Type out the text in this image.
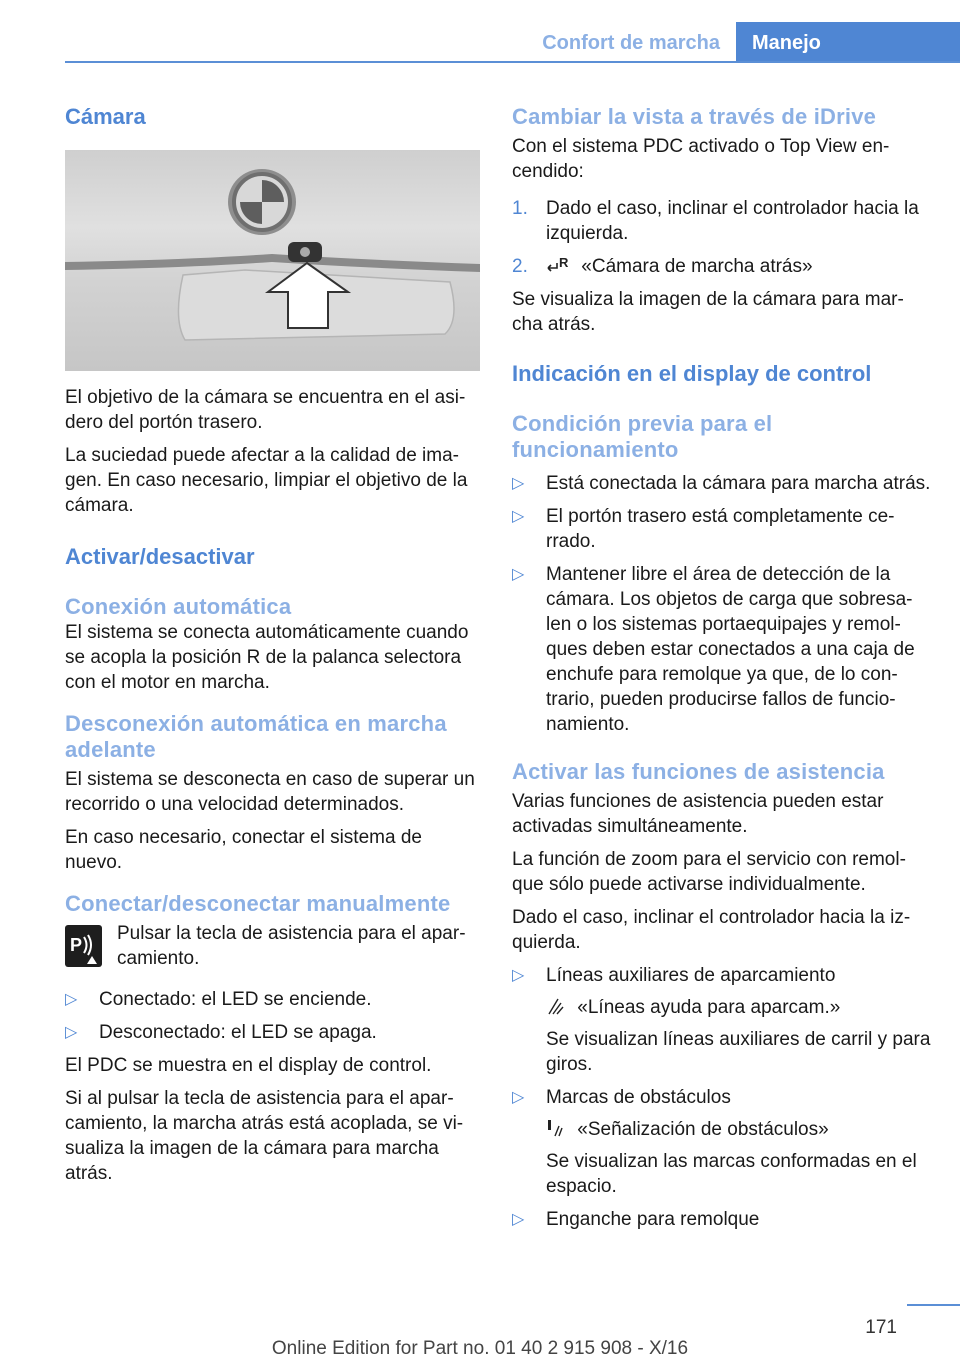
Confort de marcha	Manejo
Cámara

El objetivo de la cámara se encuentra en el asi-dero del portón trasero.

La suciedad puede afectar a la calidad de ima-gen. En caso necesario, limpiar el objetivo de la cámara.

Activar/desactivar
Conexión automática

El sistema se conecta automáticamente cuando se acopla la posición R de la palanca selectora con el motor en marcha.

Desconexión automática en marcha adelante

El sistema se desconecta en caso de superar un recorrido o una velocidad determinados.

En caso necesario, conectar el sistema de nuevo.

Conectar/desconectar manualmente
P

Pulsar la tecla de asistencia para el apar-camiento.

▷ Conectado: el LED se enciende.
▷ Desconectado: el LED se apaga.

El PDC se muestra en el display de control.

Si al pulsar la tecla de asistencia para el apar-camiento, la marcha atrás está acoplada, se vi-sualiza la imagen de la cámara para marcha atrás.

Cambiar la vista a través de iDrive

Con el sistema PDC activado o Top View en-cendido:

1. Dado el caso, inclinar el controlador hacia la izquierda.
2. R «Cámara de marcha atrás»

Se visualiza la imagen de la cámara para mar-cha atrás.

Indicación en el display de control
Condición previa para el funcionamiento
▷ Está conectada la cámara para marcha atrás.
▷ El portón trasero está completamente ce-rrado.
▷ Mantener libre el área de detección de la cámara. Los objetos de carga que sobresa-len o los sistemas portaequipajes y remol-ques deben estar conectados a una caja de enchufe para remolque ya que, de lo con-trario, pueden producirse fallos de funcio-namiento.
Activar las funciones de asistencia

Varias funciones de asistencia pueden estar activadas simultáneamente.

La función de zoom para el servicio con remol-que sólo puede activarse individualmente.

Dado el caso, inclinar el controlador hacia la iz-quierda.

▷ Líneas auxiliares de aparcamiento
«Líneas ayuda para aparcam.»
Se visualizan líneas auxiliares de carril y para giros.
▷ Marcas de obstáculos
«Señalización de obstáculos»
Se visualizan las marcas conformadas en el espacio.
▷ Enganche para remolque
171
Online Edition for Part no. 01 40 2 915 908 - X/16
